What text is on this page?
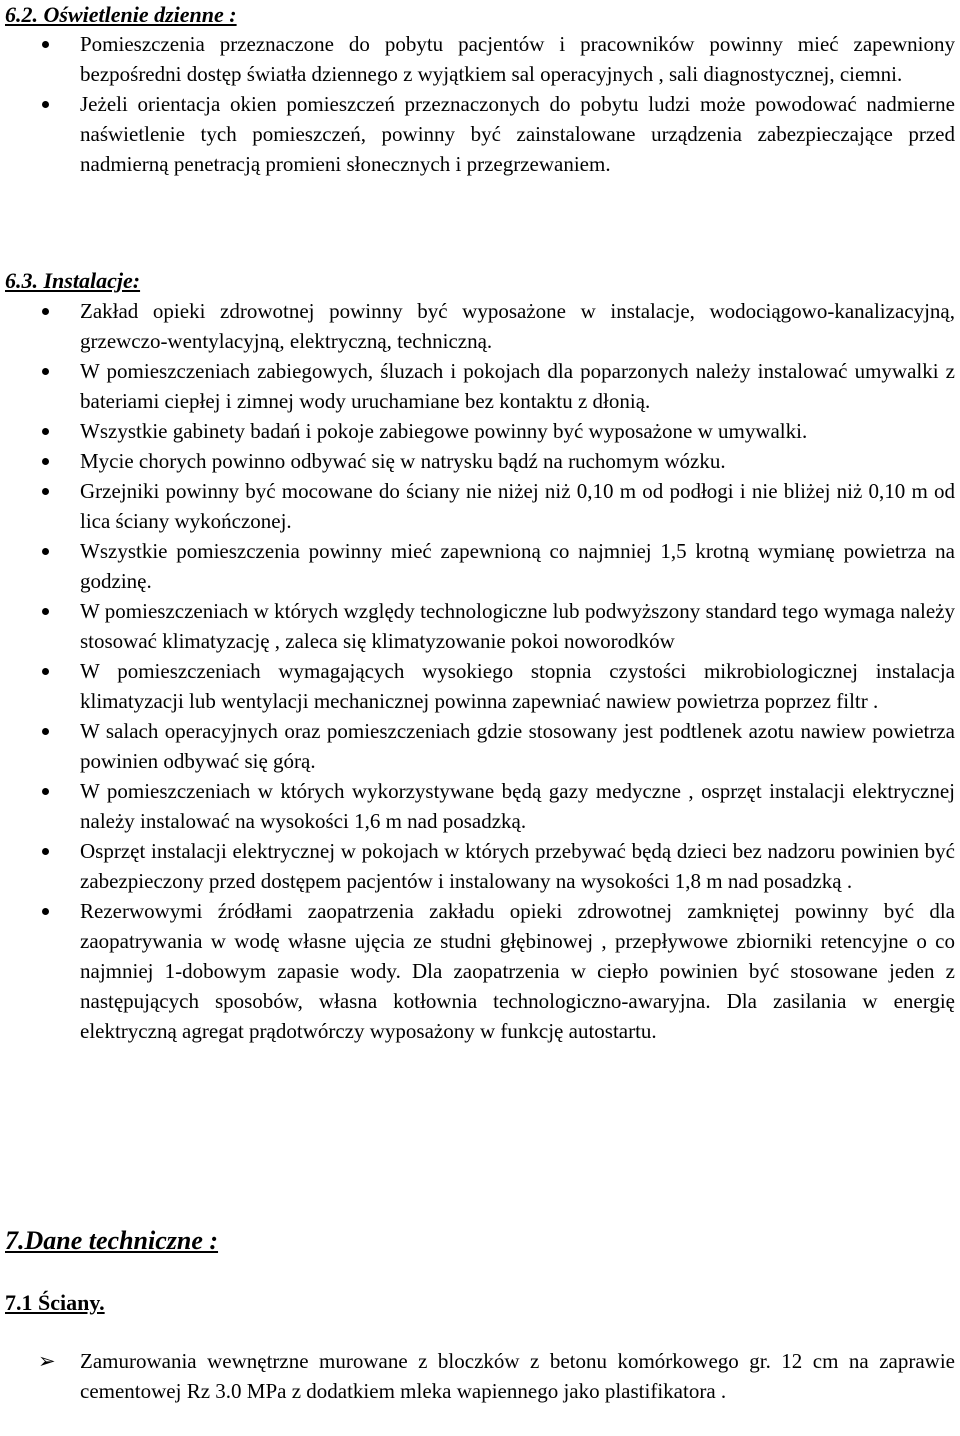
6.2. Oświetlenie dzienne :
Pomieszczenia przeznaczone do pobytu pacjentów i pracowników powinny mieć zapewniony bezpośredni dostęp światła dziennego z wyjątkiem sal operacyjnych , sali diagnostycznej, ciemni.
Jeżeli orientacja okien pomieszczeń przeznaczonych do pobytu ludzi może powodować nadmierne naświetlenie tych pomieszczeń, powinny być zainstalowane urządzenia zabezpieczające przed nadmierną penetracją promieni słonecznych i przegrzewaniem.
6.3. Instalacje:
Zakład opieki zdrowotnej powinny być wyposażone w instalacje, wodociągowo-kanalizacyjną, grzewczo-wentylacyjną, elektryczną, techniczną.
W pomieszczeniach zabiegowych, śluzach i pokojach dla poparzonych należy instalować umywalki z bateriami ciepłej i zimnej wody uruchamiane bez kontaktu z dłonią.
Wszystkie gabinety badań i pokoje zabiegowe powinny być wyposażone w umywalki.
Mycie chorych powinno odbywać się w natrysku bądź na ruchomym wózku.
Grzejniki powinny być mocowane do ściany nie niżej niż 0,10 m od podłogi i nie bliżej niż 0,10 m od lica ściany wykończonej.
Wszystkie pomieszczenia powinny mieć zapewnioną co najmniej 1,5 krotną wymianę powietrza na godzinę.
W pomieszczeniach w których względy technologiczne lub podwyższony standard tego wymaga należy stosować klimatyzację , zaleca się klimatyzowanie pokoi noworodków
W pomieszczeniach wymagających wysokiego stopnia czystości mikrobiologicznej instalacja klimatyzacji lub wentylacji mechanicznej powinna zapewniać nawiew powietrza poprzez filtr .
W salach operacyjnych oraz pomieszczeniach gdzie stosowany jest podtlenek azotu nawiew powietrza powinien odbywać się górą.
W pomieszczeniach w których wykorzystywane będą gazy medyczne , osprzęt instalacji elektrycznej należy instalować na wysokości 1,6 m nad posadzką.
Osprzęt instalacji elektrycznej w pokojach w których przebywać będą dzieci bez nadzoru powinien być zabezpieczony przed dostępem pacjentów i instalowany na wysokości 1,8 m nad posadzką .
Rezerwowymi źródłami zaopatrzenia zakładu opieki zdrowotnej zamkniętej powinny być dla zaopatrywania w wodę własne ujęcia ze studni głębinowej , przepływowe zbiorniki retencyjne o co najmniej 1-dobowym zapasie wody. Dla zaopatrzenia w ciepło powinien być stosowane jeden z następujących sposobów, własna kotłownia technologiczno-awaryjna. Dla zasilania w energię elektryczną agregat prądotwórczy wyposażony w funkcję autostartu.
7.Dane techniczne :
7.1 Ściany.
➢ Zamurowania wewnętrzne murowane z bloczków z betonu komórkowego gr. 12 cm na zaprawie cementowej Rz 3.0 MPa z dodatkiem mleka wapiennego jako plastifikatora .
